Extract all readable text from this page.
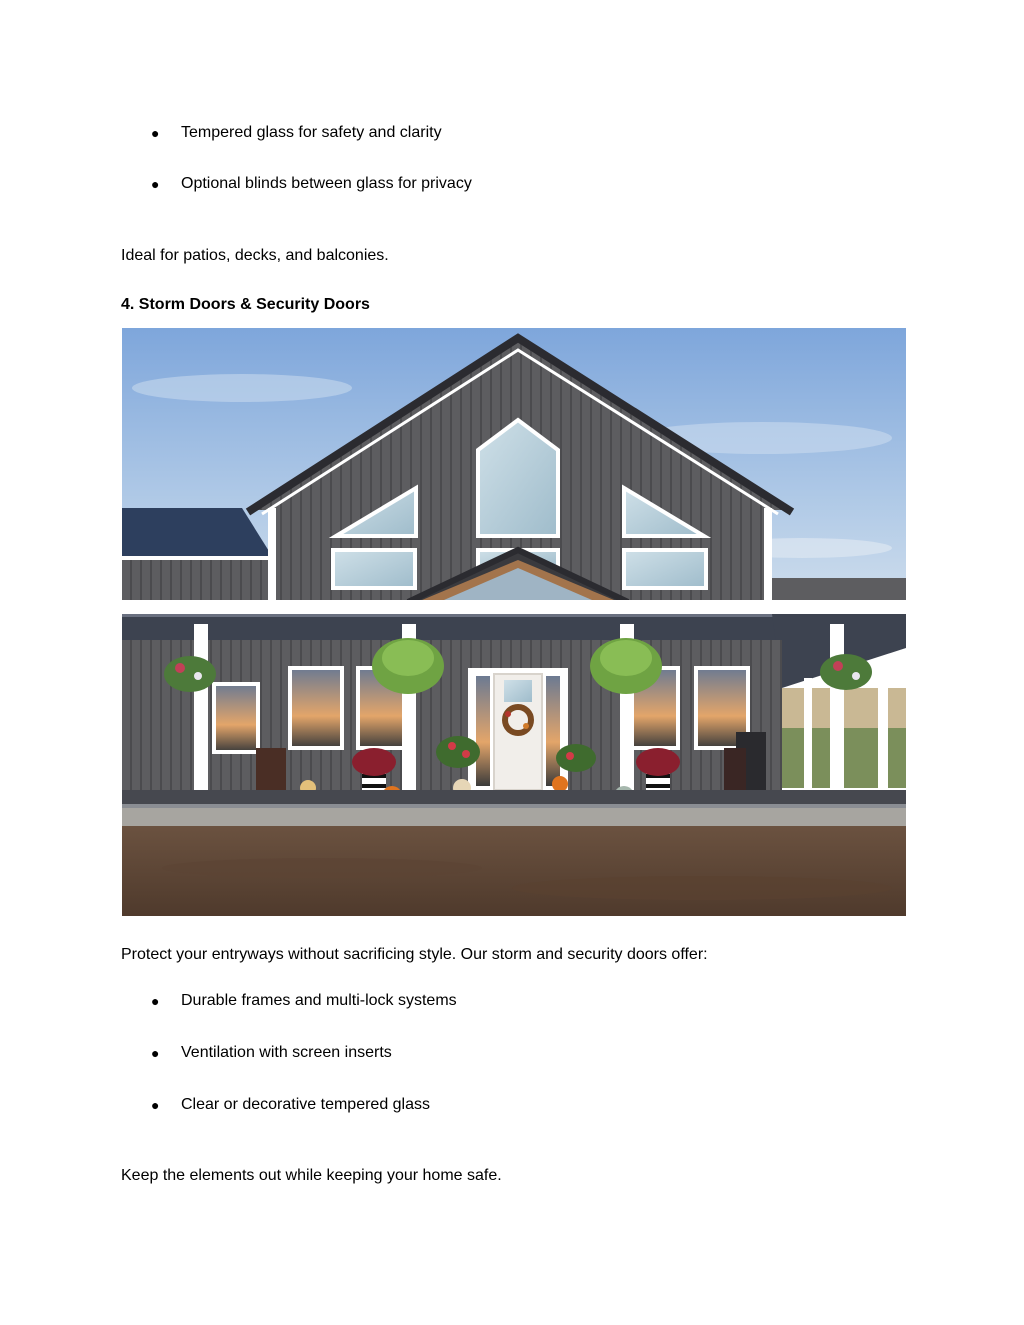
● Tempered glass for safety and clarity
● Optional blinds between glass for privacy

Ideal for patios, decks, and balconies.

4. Storm Doors & Security Doors

Protect your entryways without sacrificing style. Our storm and security doors offer:

● Durable frames and multi-lock systems
● Ventilation with screen inserts
● Clear or decorative tempered glass

Keep the elements out while keeping your home safe.
